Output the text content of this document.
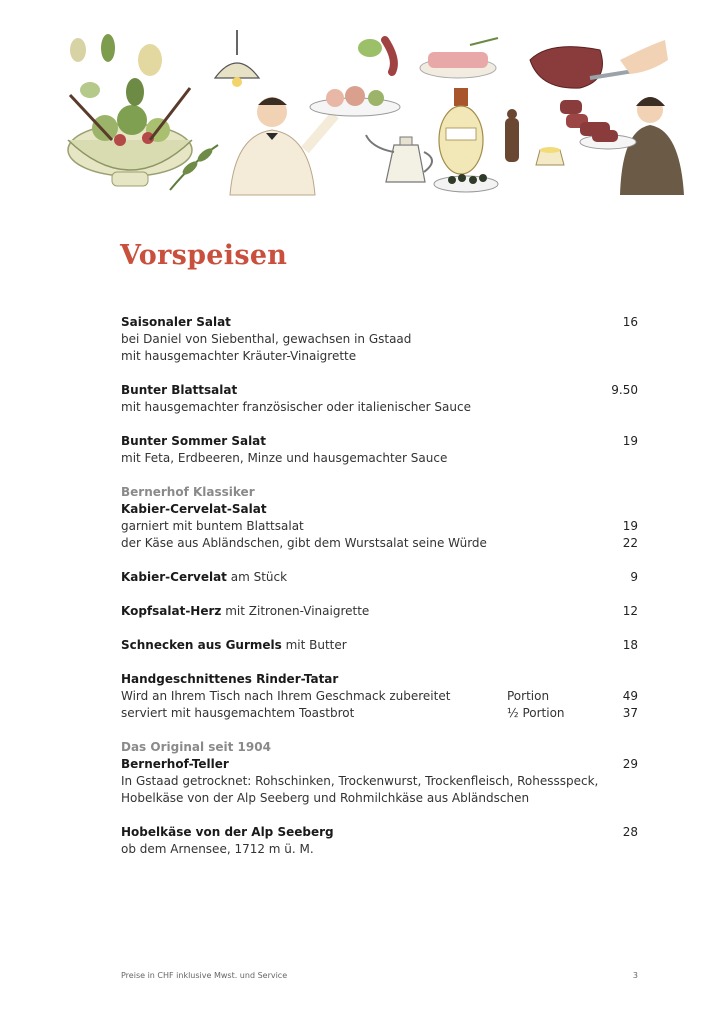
Vorspeisen
Saisonaler Salat	16
bei Daniel von Siebenthal, gewachsen in Gstaad
mit hausgemachter Kräuter-Vinaigrette
Bunter Blattsalat	9.50
mit hausgemachter französischer oder italienischer Sauce
Bunter Sommer Salat	19
mit Feta, Erdbeeren, Minze und hausgemachter Sauce
Bernerhof Klassiker
Kabier-Cervelat-Salat
garniert mit buntem Blattsalat	19
der Käse aus Abländschen, gibt dem Wurstsalat seine Würde	22
Kabier-Cervelat am Stück	9
Kopfsalat-Herz mit Zitronen-Vinaigrette	12
Schnecken aus Gurmels mit Butter	18
Handgeschnittenes Rinder-Tatar
Wird an Ihrem Tisch nach Ihrem Geschmack zubereitet	Portion	49
serviert mit hausgemachtem Toastbrot	½ Portion	37
Das Original seit 1904
Bernerhof-Teller	29
In Gstaad getrocknet: Rohschinken, Trockenwurst, Trockenfleisch, Rohessspeck,
Hobelkäse von der Alp Seeberg und Rohmilchkäse aus Abländschen
Hobelkäse von der Alp Seeberg	28
ob dem Arnensee, 1712 m ü. M.
Preise in CHF inklusive Mwst. und Service	3
